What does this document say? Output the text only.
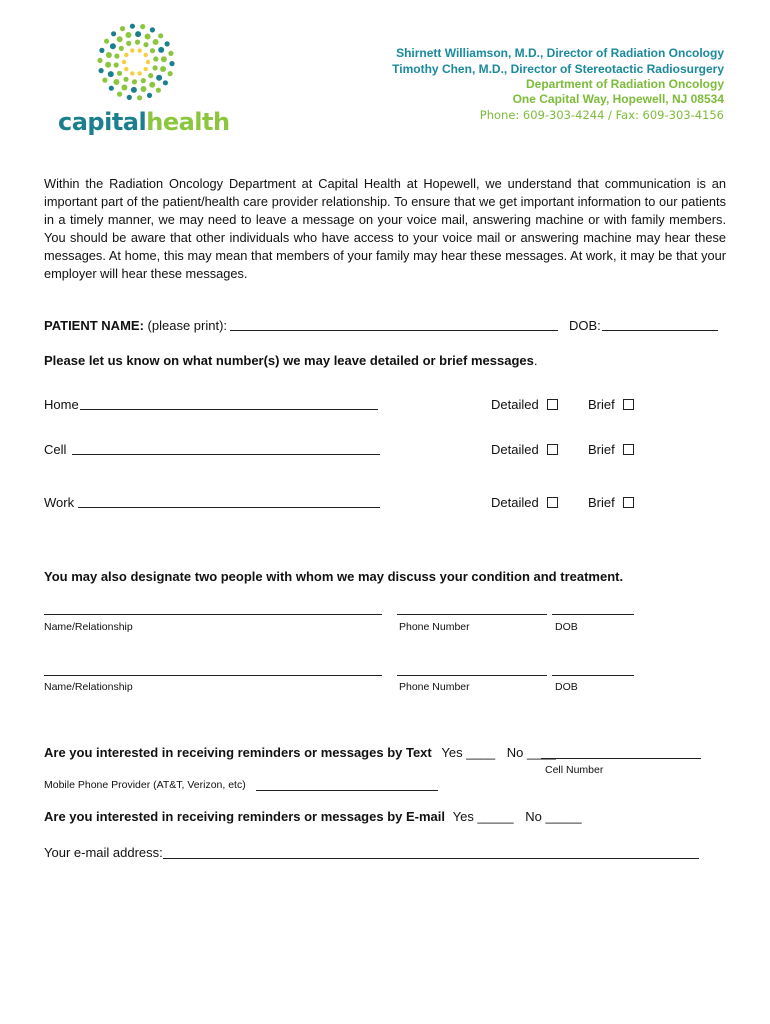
capitalhealth
Shirnett Williamson, M.D., Director of Radiation Oncology
Timothy Chen, M.D., Director of Stereotactic Radiosurgery
Department of Radiation Oncology
One Capital Way, Hopewell, NJ 08534
Phone: 609-303-4244 / Fax: 609-303-4156
Within the Radiation Oncology Department at Capital Health at Hopewell, we understand that communication is an important part of the patient/health care provider relationship. To ensure that we get important information to our patients in a timely manner, we may need to leave a message on your voice mail, answering machine or with family members. You should be aware that other individuals who have access to your voice mail or answering machine may hear these messages. At home, this may mean that members of your family may hear these messages. At work, it may be that your employer will hear these messages.
PATIENT NAME: (please print):	DOB:
Please let us know on what number(s) we may leave detailed or brief messages.
Home	Detailed	Brief
Cell	Detailed	Brief
Work	Detailed	Brief
You may also designate two people with whom we may discuss your condition and treatment.
Name/Relationship	Phone Number	DOB
Name/Relationship	Phone Number	DOB
Are you interested in receiving reminders or messages by Text Yes ____ No ____
Cell Number
Mobile Phone Provider (AT&T, Verizon, etc)
Are you interested in receiving reminders or messages by E-mail Yes _____ No _____
Your e-mail address:
